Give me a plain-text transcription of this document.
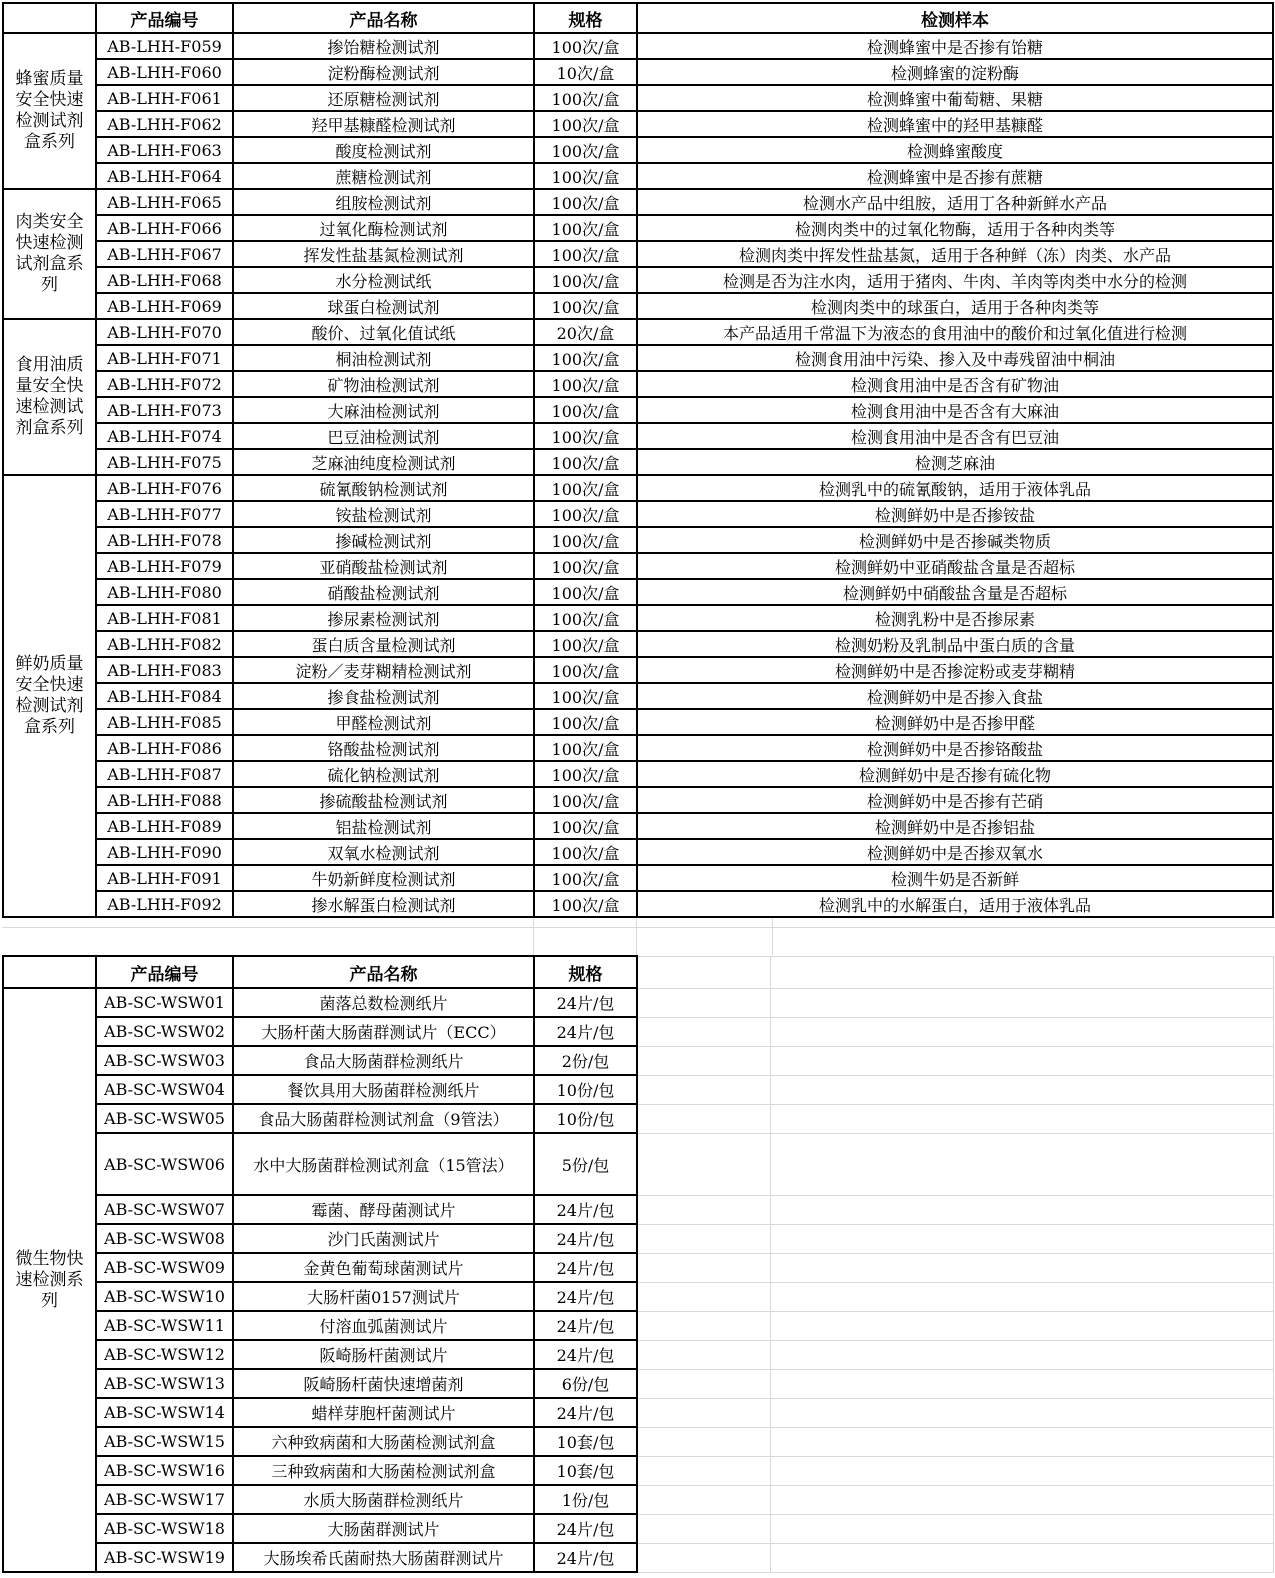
	产品编号	产品名称	规格	检测样本

蜂蜜质量安全快速检测试剂盒系列	AB-LHH-F059	掺饴糖检测试剂	100次/盒	检测蜂蜜中是否掺有饴糖
	AB-LHH-F060	淀粉酶检测试剂	10次/盒	检测蜂蜜的淀粉酶
	AB-LHH-F061	还原糖检测试剂	100次/盒	检测蜂蜜中葡萄糖、果糖
	AB-LHH-F062	羟甲基糠醛检测试剂	100次/盒	检测蜂蜜中的羟甲基糠醛
	AB-LHH-F063	酸度检测试剂	100次/盒	检测蜂蜜酸度
	AB-LHH-F064	蔗糖检测试剂	100次/盒	检测蜂蜜中是否掺有蔗糖

肉类安全快速检测试剂盒系列	AB-LHH-F065	组胺检测试剂	100次/盒	检测水产品中组胺，适用丁各种新鲜水产品
	AB-LHH-F066	过氧化酶检测试剂	100次/盒	检测肉类中的过氧化物酶，适用于各种肉类等
	AB-LHH-F067	挥发性盐基氮检测试剂	100次/盒	检测肉类中挥发性盐基氮，适用于各种鲜（冻）肉类、水产品
	AB-LHH-F068	水分检测试纸	100次/盒	检测是否为注水肉，适用于猪肉、牛肉、羊肉等肉类中水分的检测
	AB-LHH-F069	球蛋白检测试剂	100次/盒	检测肉类中的球蛋白，适用于各种肉类等

食用油质量安全快速检测试剂盒系列	AB-LHH-F070	酸价、过氧化值试纸	20次/盒	本产品适用千常温下为液态的食用油中的酸价和过氧化值进行检测
	AB-LHH-F071	桐油检测试剂	100次/盒	检测食用油中污染、掺入及中毒残留油中桐油
	AB-LHH-F072	矿物油检测试剂	100次/盒	检测食用油中是否含有矿物油
	AB-LHH-F073	大麻油检测试剂	100次/盒	检测食用油中是否含有大麻油
	AB-LHH-F074	巴豆油检测试剂	100次/盒	检测食用油中是否含有巴豆油
	AB-LHH-F075	芝麻油纯度检测试剂	100次/盒	检测芝麻油

鲜奶质量安全快速检测试剂盒系列	AB-LHH-F076	硫氰酸钠检测试剂	100次/盒	检测乳中的硫氰酸钠，适用于液体乳品
	AB-LHH-F077	铵盐检测试剂	100次/盒	检测鲜奶中是否掺铵盐
	AB-LHH-F078	掺碱检测试剂	100次/盒	检测鲜奶中是否掺碱类物质
	AB-LHH-F079	亚硝酸盐检测试剂	100次/盒	检测鲜奶中亚硝酸盐含量是否超标
	AB-LHH-F080	硝酸盐检测试剂	100次/盒	检测鲜奶中硝酸盐含量是否超标
	AB-LHH-F081	掺尿素检测试剂	100次/盒	检测乳粉中是否掺尿素
	AB-LHH-F082	蛋白质含量检测试剂	100次/盒	检测奶粉及乳制品中蛋白质的含量
	AB-LHH-F083	淀粉／麦芽糊精检测试剂	100次/盒	检测鲜奶中是否掺淀粉或麦芽糊精
	AB-LHH-F084	掺食盐检测试剂	100次/盒	检测鲜奶中是否掺入食盐
	AB-LHH-F085	甲醛检测试剂	100次/盒	检测鲜奶中是否掺甲醛
	AB-LHH-F086	铬酸盐检测试剂	100次/盒	检测鲜奶中是否掺铬酸盐
	AB-LHH-F087	硫化钠检测试剂	100次/盒	检测鲜奶中是否掺有硫化物
	AB-LHH-F088	掺硫酸盐检测试剂	100次/盒	检测鲜奶中是否掺有芒硝
	AB-LHH-F089	铝盐检测试剂	100次/盒	检测鲜奶中是否掺铝盐
	AB-LHH-F090	双氧水检测试剂	100次/盒	检测鲜奶中是否掺双氧水
	AB-LHH-F091	牛奶新鲜度检测试剂	100次/盒	检测牛奶是否新鲜
	AB-LHH-F092	掺水解蛋白检测试剂	100次/盒	检测乳中的水解蛋白，适用于液体乳品
	产品编号	产品名称	规格		

微生物快速检测系列	AB-SC-WSW01	菌落总数检测纸片	24片/包		
	AB-SC-WSW02	大肠杆菌大肠菌群测试片（ECC）	24片/包		
	AB-SC-WSW03	食品大肠菌群检测纸片	2份/包		
	AB-SC-WSW04	餐饮具用大肠菌群检测纸片	10份/包		
	AB-SC-WSW05	食品大肠菌群检测试剂盒（9管法）	10份/包		
	AB-SC-WSW06	水中大肠菌群检测试剂盒（15管法）	5份/包		
	AB-SC-WSW07	霉菌、酵母菌测试片	24片/包		
	AB-SC-WSW08	沙门氏菌测试片	24片/包		
	AB-SC-WSW09	金黄色葡萄球菌测试片	24片/包		
	AB-SC-WSW10	大肠杆菌0157测试片	24片/包		
	AB-SC-WSW11	付溶血弧菌测试片	24片/包		
	AB-SC-WSW12	阪崎肠杆菌测试片	24片/包		
	AB-SC-WSW13	阪崎肠杆菌快速增菌剂	6份/包		
	AB-SC-WSW14	蜡样芽胞杆菌测试片	24片/包		
	AB-SC-WSW15	六种致病菌和大肠菌检测试剂盒	10套/包		
	AB-SC-WSW16	三种致病菌和大肠菌检测试剂盒	10套/包		
	AB-SC-WSW17	水质大肠菌群检测纸片	1份/包		
	AB-SC-WSW18	大肠菌群测试片	24片/包		
	AB-SC-WSW19	大肠埃希氏菌耐热大肠菌群测试片	24片/包		
